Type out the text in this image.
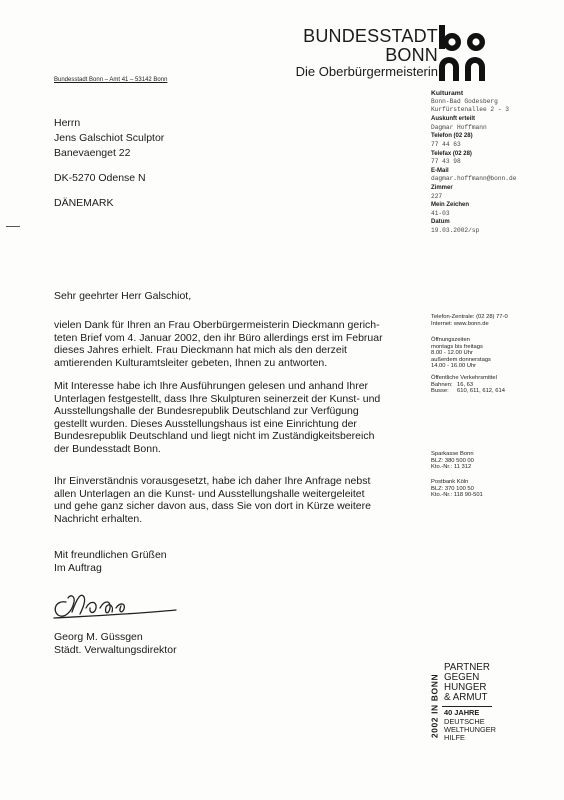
BUNDESSTADT
BONN
Die Oberbürgermeisterin
Bundesstadt Bonn – Amt 41 – 53142 Bonn
Herrn
Jens Galschiot Sculptor
Banevaenget 22
DK-5270 Odense N
DÄNEMARK
Kulturamt
Bonn-Bad Godesberg
Kurfürstenallee 2 - 3
Auskunft erteilt
Dagmar Hoffmann
Telefon (02 28)
77 44 63
Telefax (02 28)
77 43 98
E-Mail
dagmar.hoffmann@bonn.de
Zimmer
227
Mein Zeichen
41-03
Datum
19.03.2002/sp
Sehr geehrter Herr Galschiot,
vielen Dank für Ihren an Frau Oberbürgermeisterin Dieckmann gerich-
teten Brief vom 4. Januar 2002, den ihr Büro allerdings erst im Februar
dieses Jahres erhielt. Frau Dieckmann hat mich als den derzeit
amtierenden Kulturamtsleiter gebeten, Ihnen zu antworten.
Mit Interesse habe ich Ihre Ausführungen gelesen und anhand Ihrer
Unterlagen festgestellt, dass Ihre Skulpturen seinerzeit der Kunst- und
Ausstellungshalle der Bundesrepublik Deutschland zur Verfügung
gestellt wurden. Dieses Ausstellungshaus ist eine Einrichtung der
Bundesrepublik Deutschland und liegt nicht im Zuständigkeitsbereich
der Bundesstadt Bonn.
Ihr Einverständnis vorausgesetzt, habe ich daher Ihre Anfrage nebst
allen Unterlagen an die Kunst- und Ausstellungshalle weitergeleitet
und gehe ganz sicher davon aus, dass Sie von dort in Kürze weitere
Nachricht erhalten.
Mit freundlichen Grüßen
Im Auftrag
Georg M. Güssgen
Städt. Verwaltungsdirektor
Telefon-Zentrale: (02 28) 77-0
Internet: www.bonn.de
Öffnungszeiten
montags bis freitags
8.00 - 12.00 Uhr
außerdem donnerstags
14.00 - 16.00 Uhr
Öffentliche Verkehrsmittel
Bahnen: 16, 63
Busse:	610, 611, 612, 614
Sparkasse Bonn
BLZ: 380 500 00
Kto.-Nr.: 11 312
Postbank Köln
BLZ: 370 100 50
Kto.-Nr.: 118 90-501
2002 IN BONN
PARTNER
GEGEN
HUNGER
& ARMUT
40 JAHRE
DEUTSCHE
WELTHUNGER
HILFE
